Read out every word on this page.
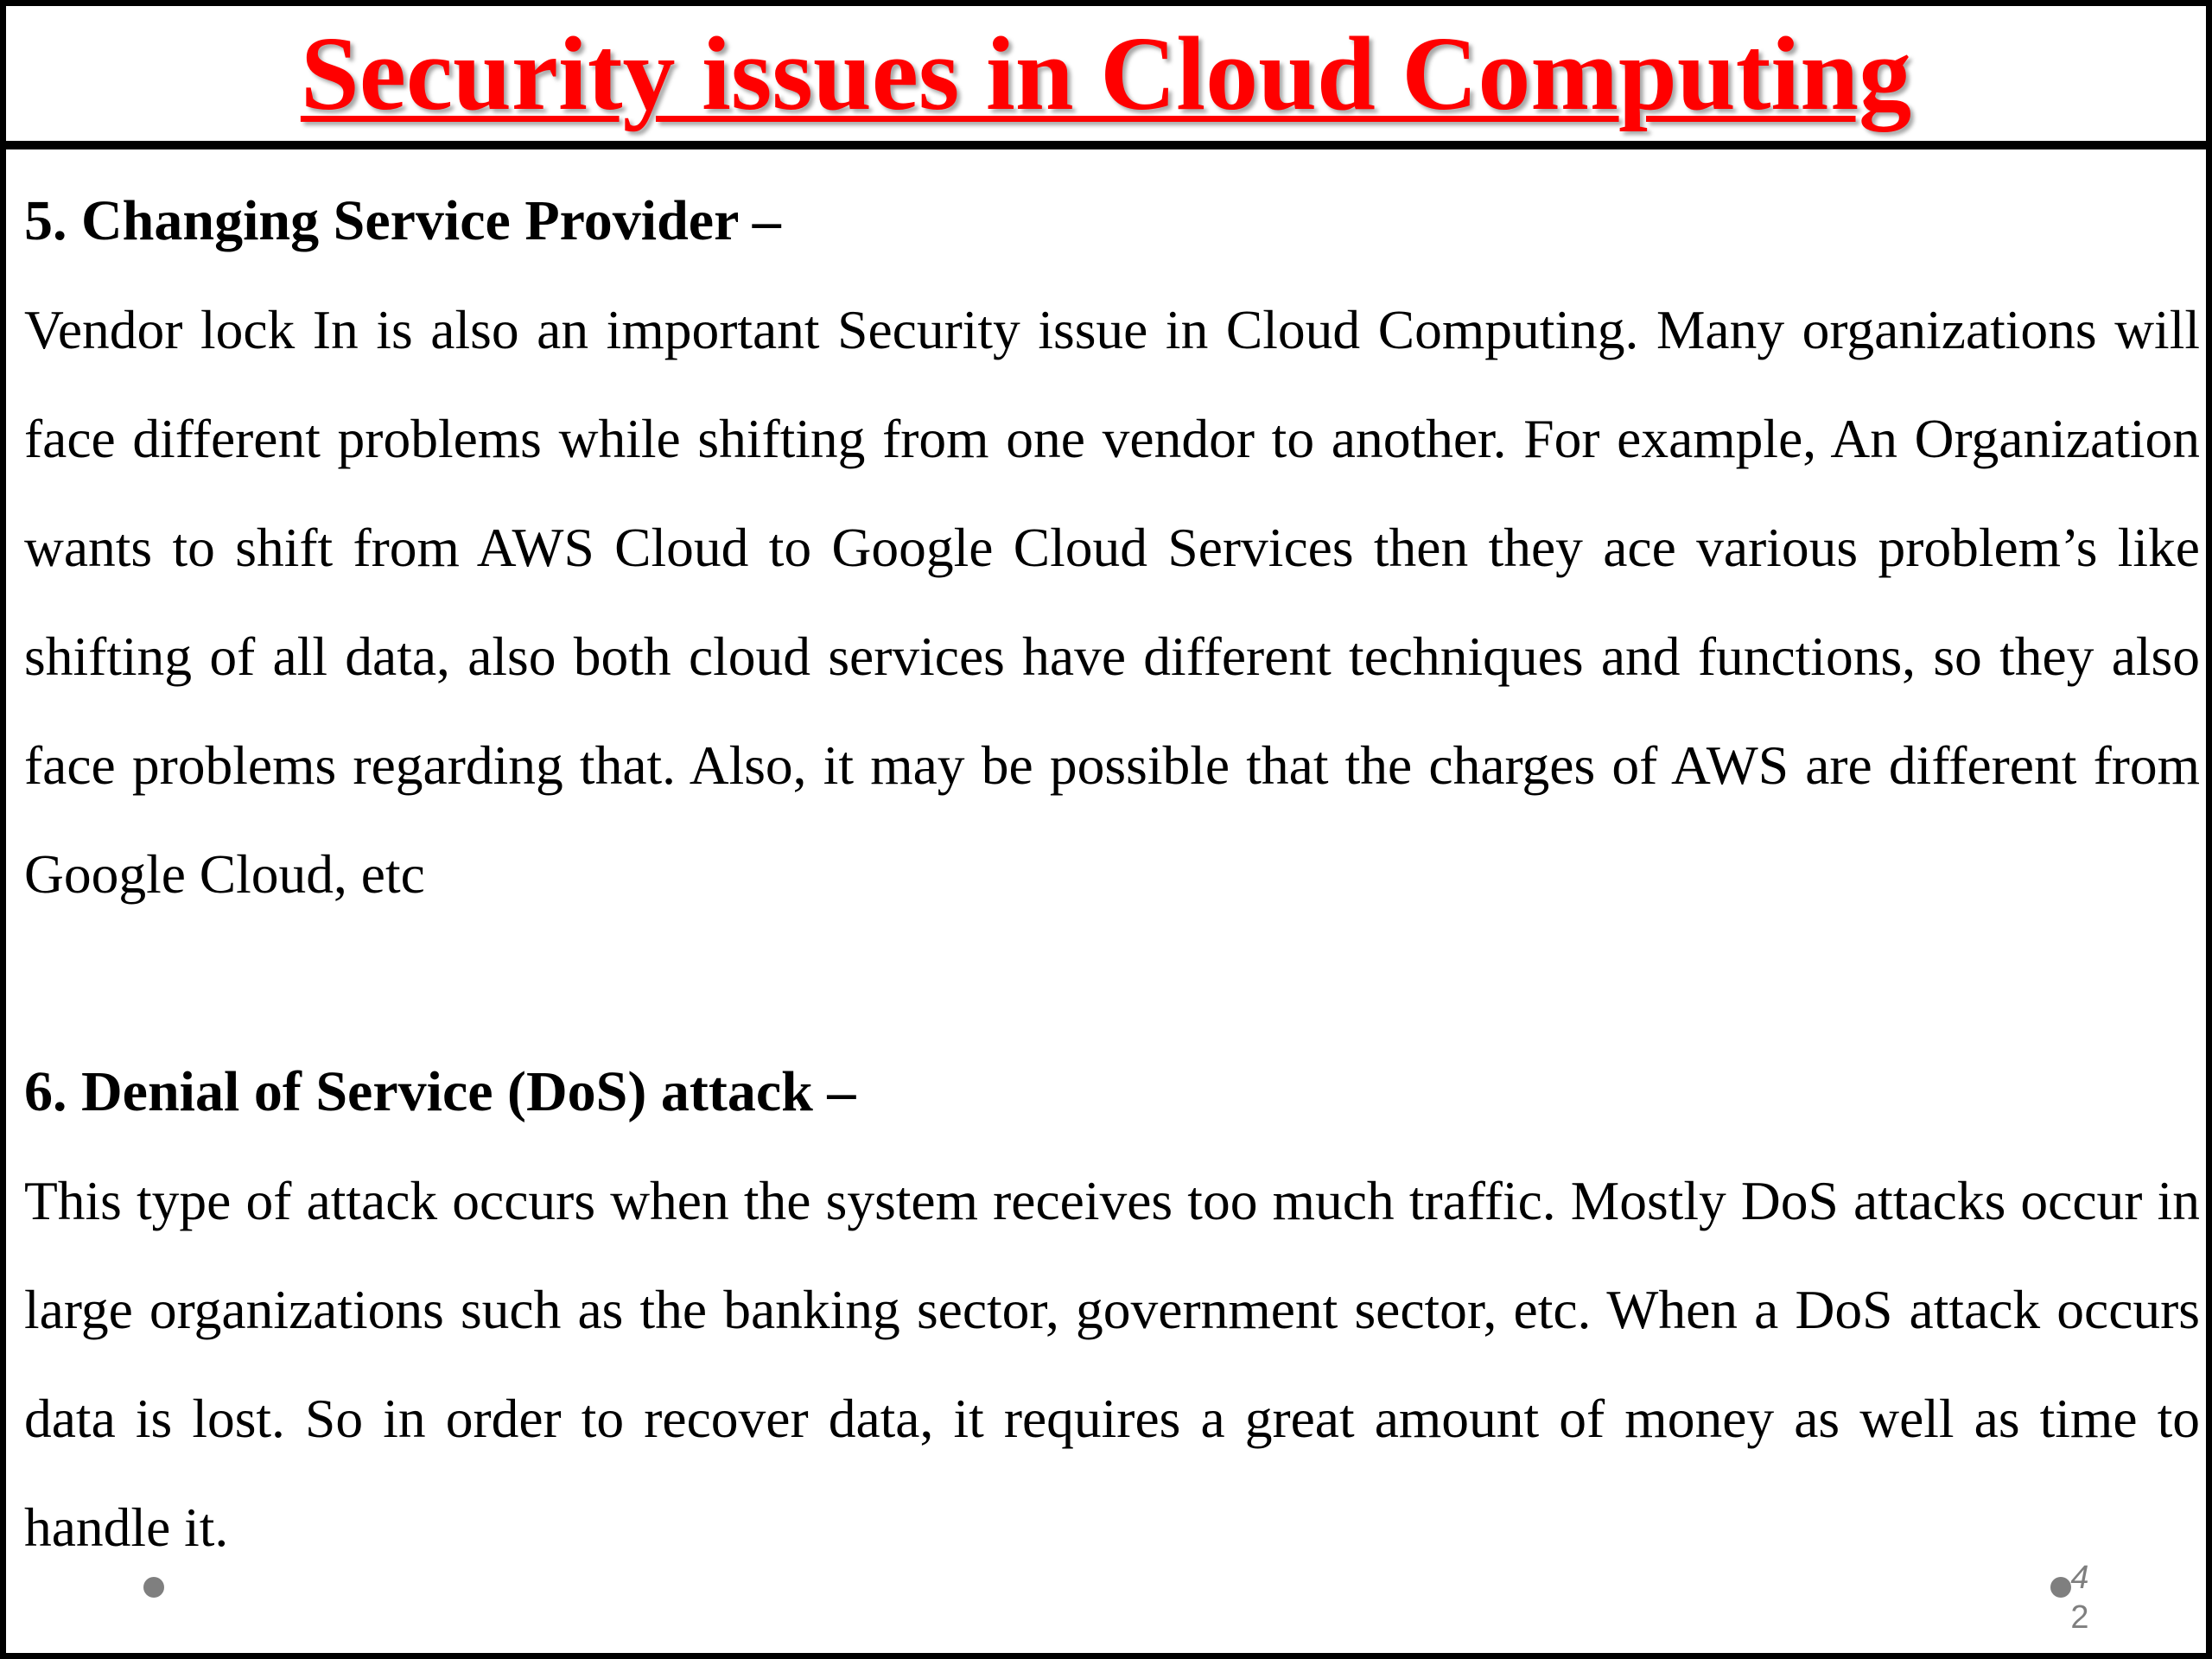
Security issues in Cloud Computing
5. Changing Service Provider –

Vendor lock In is also an important Security issue in Cloud Computing. Many organizations will face different problems while shifting from one vendor to another. For example, An Organization wants to shift from AWS Cloud to Google Cloud Services then they ace various problem’s like shifting of all data, also both cloud services have different techniques and functions, so they also face problems regarding that. Also, it may be possible that the charges of AWS are different from Google Cloud, etc

6. Denial of Service (DoS) attack –

This type of attack occurs when the system receives too much traffic. Mostly DoS attacks occur in large organizations such as the banking sector, government sector, etc. When a DoS attack occurs data is lost. So in order to recover data, it requires a great amount of money as well as time to handle it.

4
2
